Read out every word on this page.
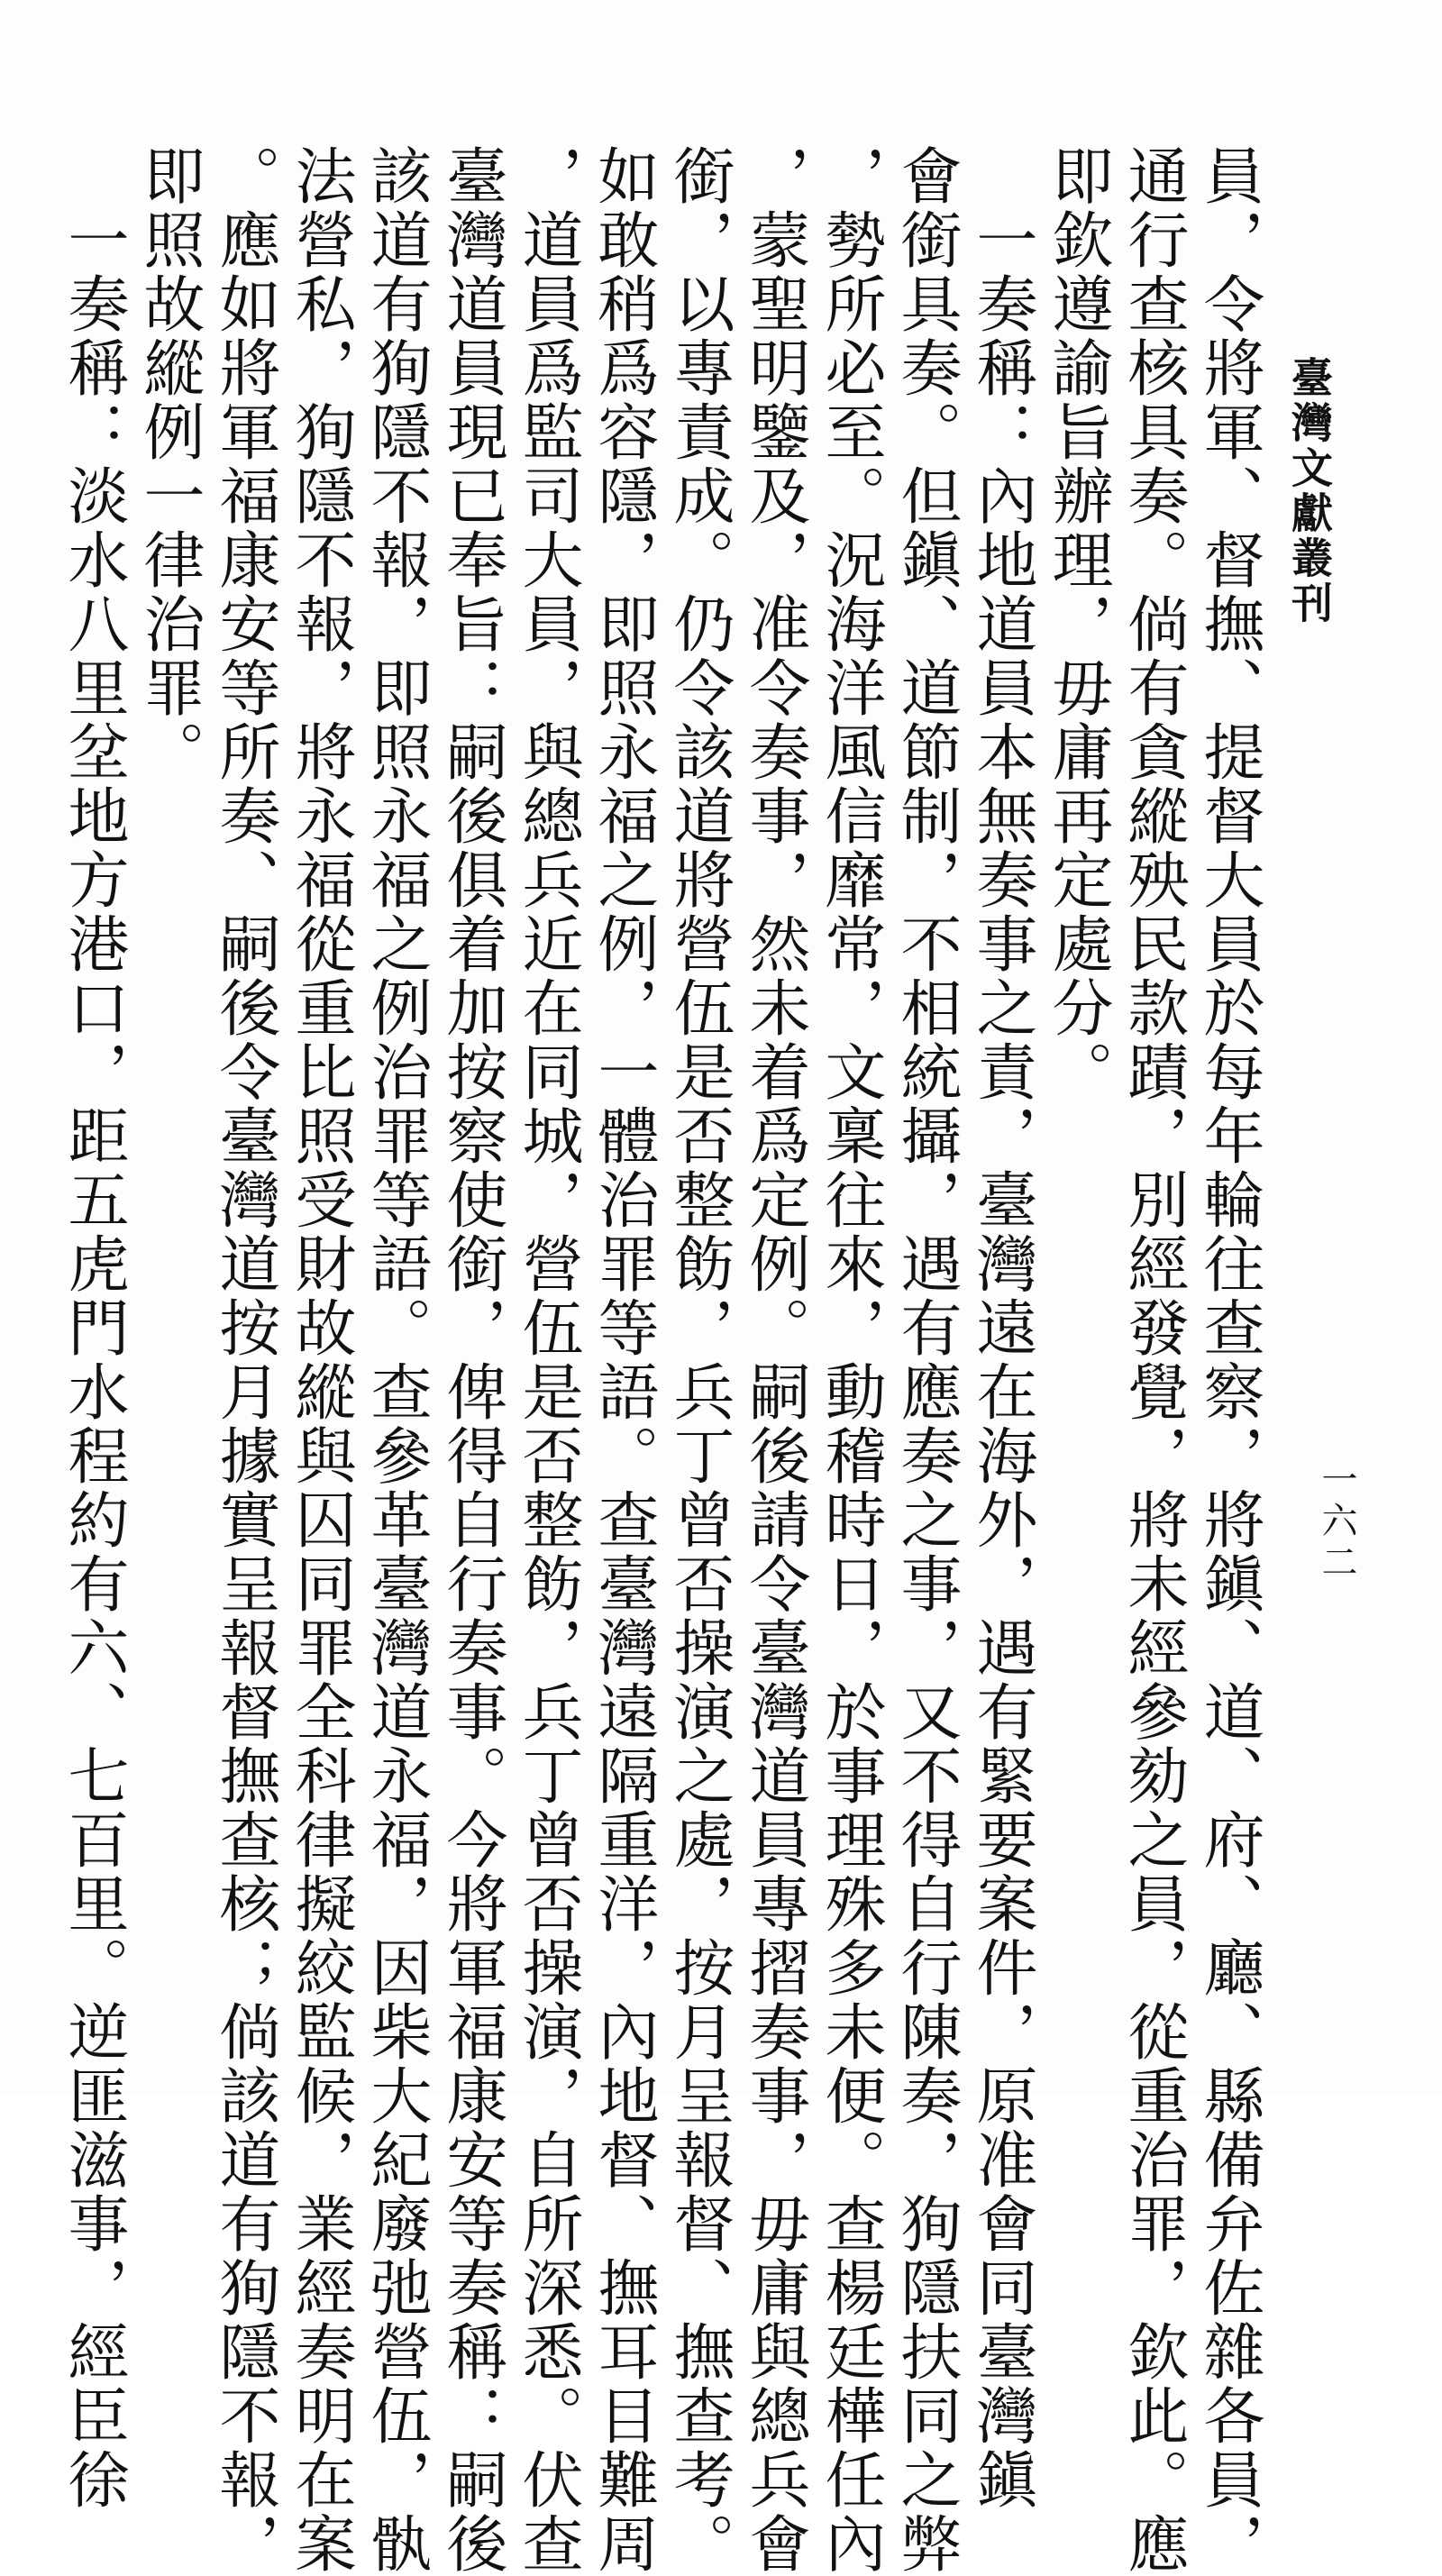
臺灣文獻叢刊
一六二
員，令將軍、督撫、提督大員於每年輪往查察，將鎭、道、府、廳、縣備弁佐雜各員，
通行查核具奏。倘有貪縱殃民款蹟，別經發覺，將未經參劾之員，從重治罪，欽此。應
即欽遵諭旨辦理，毋庸再定處分。
　一奏稱：內地道員本無奏事之責，臺灣遠在海外，遇有緊要案件，原准會同臺灣鎭
會銜具奏。但鎭、道節制，不相統攝，遇有應奏之事，又不得自行陳奏，狥隱扶同之弊
，勢所必至。況海洋風信靡常，文稟往來，動稽時日，於事理殊多未便。查楊廷樺任內
，蒙聖明鑒及，准令奏事，然未着爲定例。嗣後請令臺灣道員專摺奏事，毋庸與總兵會
銜，以專責成。仍令該道將營伍是否整飭，兵丁曾否操演之處，按月呈報督、撫查考。
如敢稍爲容隱，即照永福之例，一體治罪等語。查臺灣遠隔重洋，內地督、撫耳目難周
，道員爲監司大員，與總兵近在同城，營伍是否整飭，兵丁曾否操演，自所深悉。伏查
臺灣道員現已奉旨：嗣後俱着加按察使銜，俾得自行奏事。今將軍福康安等奏稱：嗣後
該道有狥隱不報，即照永福之例治罪等語。查參革臺灣道永福，因柴大紀廢弛營伍，骫
法營私，狥隱不報，將永福從重比照受財故縱與囚同罪全科律擬絞監候，業經奏明在案
。應如將軍福康安等所奏、嗣後令臺灣道按月據實呈報督撫查核；倘該道有狥隱不報，
即照故縱例一律治罪。
　一奏稱：淡水八里坌地方港口，距五虎門水程約有六、七百里。逆匪滋事，經臣徐
